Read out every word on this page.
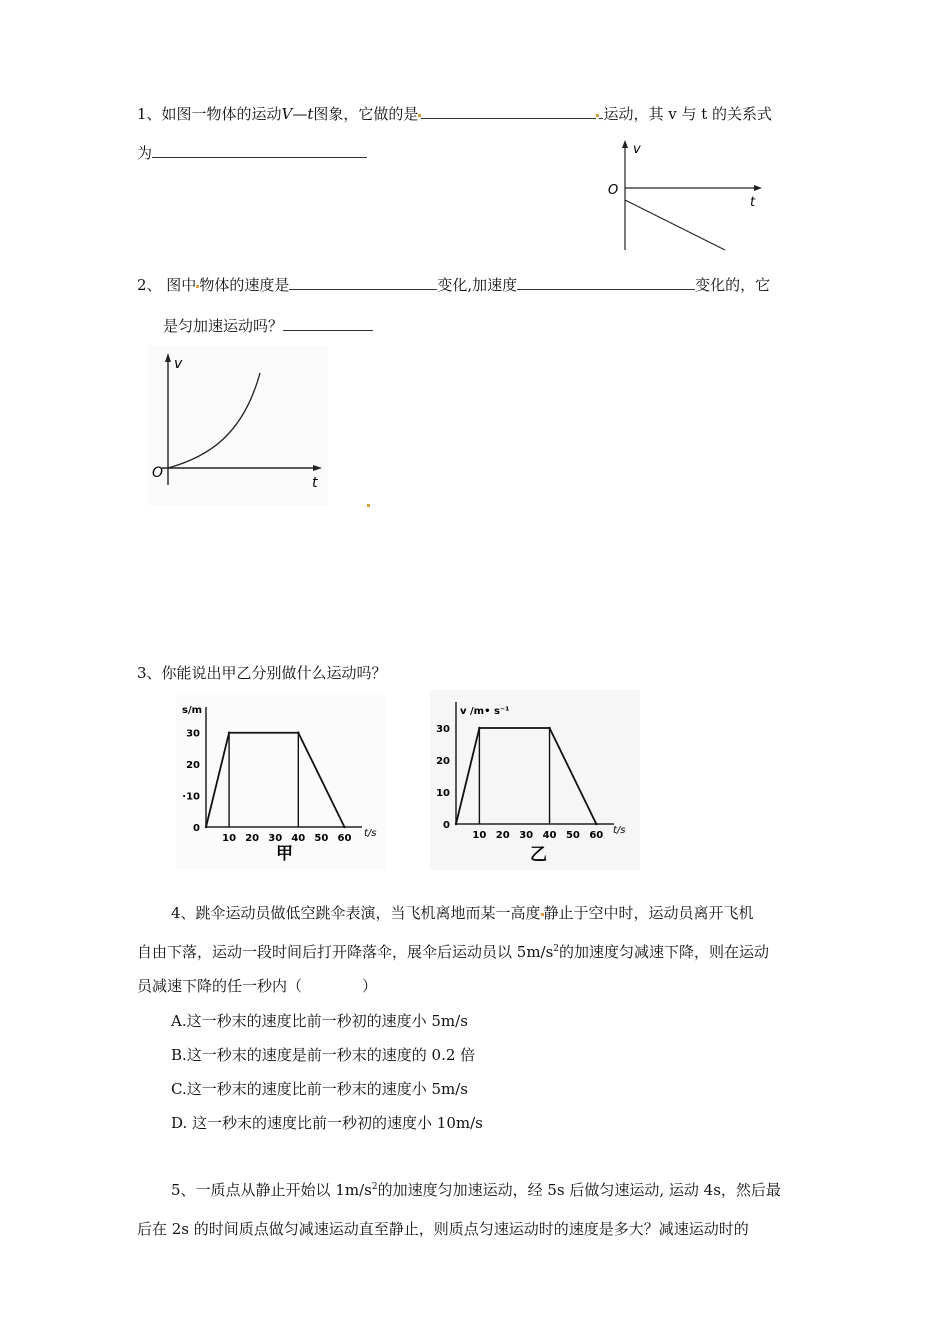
1、如图一物体的运动V—t图象，它做的是	运动，其 v 与 t 的关系式
为	v
O
t
2、 图中 物体的速度是	变化,加速度	变化的，它
是匀加速运动吗？
v
O
t
3、你能说出甲乙分别做什么运动吗？
s/m
t/s
甲
0
·10
20
30
10 20 30 40 50 60
v /m• s⁻¹
t/s
乙
0
10
20
30
10 20 30 40 50 60
4、跳伞运动员做低空跳伞表演，当飞机离地而某一高度 静止于空中时，运动员离开飞机
自由下落，运动一段时间后打开降落伞，展伞后运动员以 $5m/s^2$的加速度匀减速下降，则在运动
员减速下降的任一秒内（	）
A.这一秒末的速度比前一秒初的速度小 5m/s
B.这一秒末的速度是前一秒末的速度的 0.2 倍
C.这一秒末的速度比前一秒末的速度小 5m/s
D. 这一秒末的速度比前一秒初的速度小 10m/s
5、一质点从静止开始以 $1m/s^2$的加速度匀加速运动，经 5s 后做匀速运动, 运动 4s，然后最
后在 2s 的时间质点做匀减速运动直至静止，则质点匀速运动时的速度是多大？减速运动时的
